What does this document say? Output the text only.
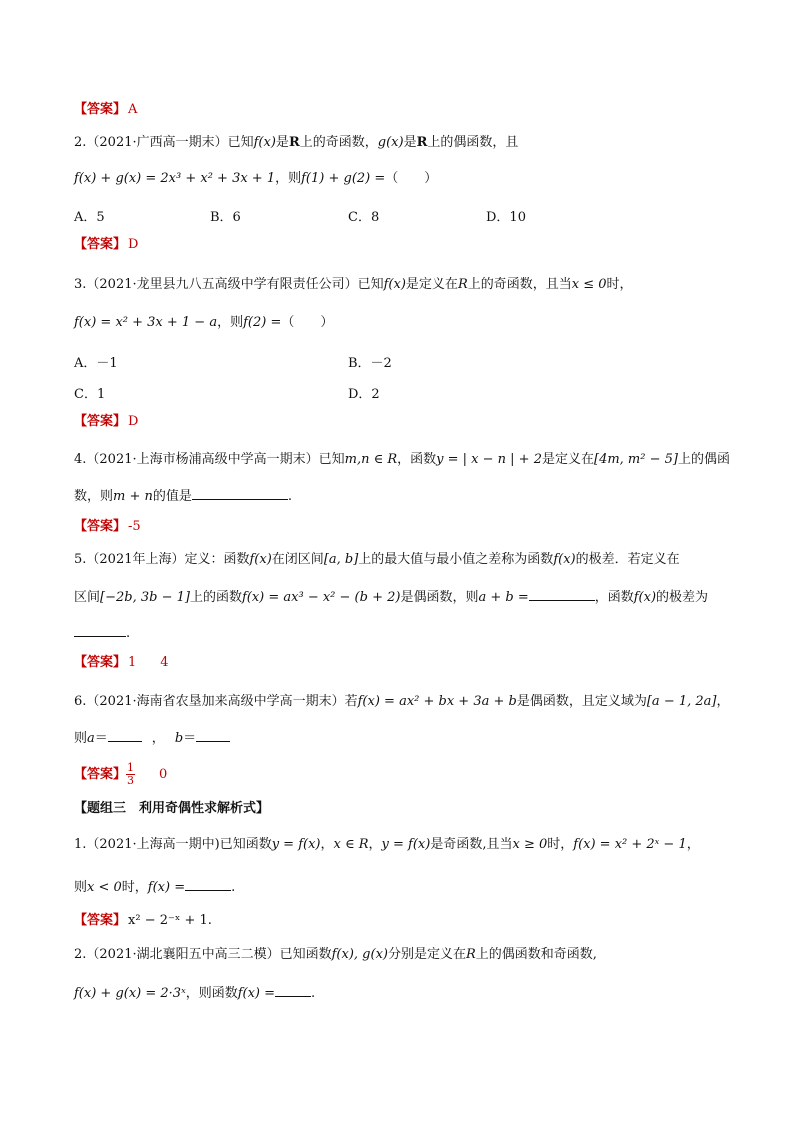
【答案】 A
2.（2021·广西高一期末）已知f(x)是R上的奇函数，g(x)是R上的偶函数，且
f(x) + g(x) = 2x³ + x² + 3x + 1，则f(1) + g(2) =（　　）
A．5	B．6	C．8	D．10
【答案】 D
3.（2021·龙里县九八五高级中学有限责任公司）已知f(x)是定义在R上的奇函数，且当x ≤ 0时，
f(x) = x² + 3x + 1 − a，则f(2) =（　　）
A．－1	B．－2
C．1	D．2
【答案】 D
4.（2021·上海市杨浦高级中学高一期末）已知m,n ∈ R，函数y = | x − n | + 2是定义在[4m, m² − 5]上的偶函
数，则m + n的值是	.
【答案】 -5
5.（2021年上海）定义：函数f(x)在闭区间[a, b]上的最大值与最小值之差称为函数f(x)的极差．若定义在
区间[−2b, 3b − 1]上的函数f(x) = ax³ − x² − (b + 2)是偶函数，则a + b =	，函数f(x)的极差为
.
【答案】 1 4
6.（2021·海南省农垦加来高级中学高一期末）若f(x) = ax² + bx + 3a + b是偶函数，且定义域为[a − 1, 2a]，
则a＝	， b＝
【答案】 $\frac{1}{3} 0$
【题组三　利用奇偶性求解析式】
1.（2021·上海高一期中)已知函数y = f(x)，x ∈ R，y = f(x)是奇函数,且当x ≥ 0时，f(x) = x² + 2ˣ − 1，
则x < 0时，f(x) =	.
【答案】 x² − 2⁻ˣ + 1.
2.（2021·湖北襄阳五中高三二模）已知函数f(x), g(x)分别是定义在R上的偶函数和奇函数,
f(x) + g(x) = 2·3ˣ，则函数f(x) =	.
